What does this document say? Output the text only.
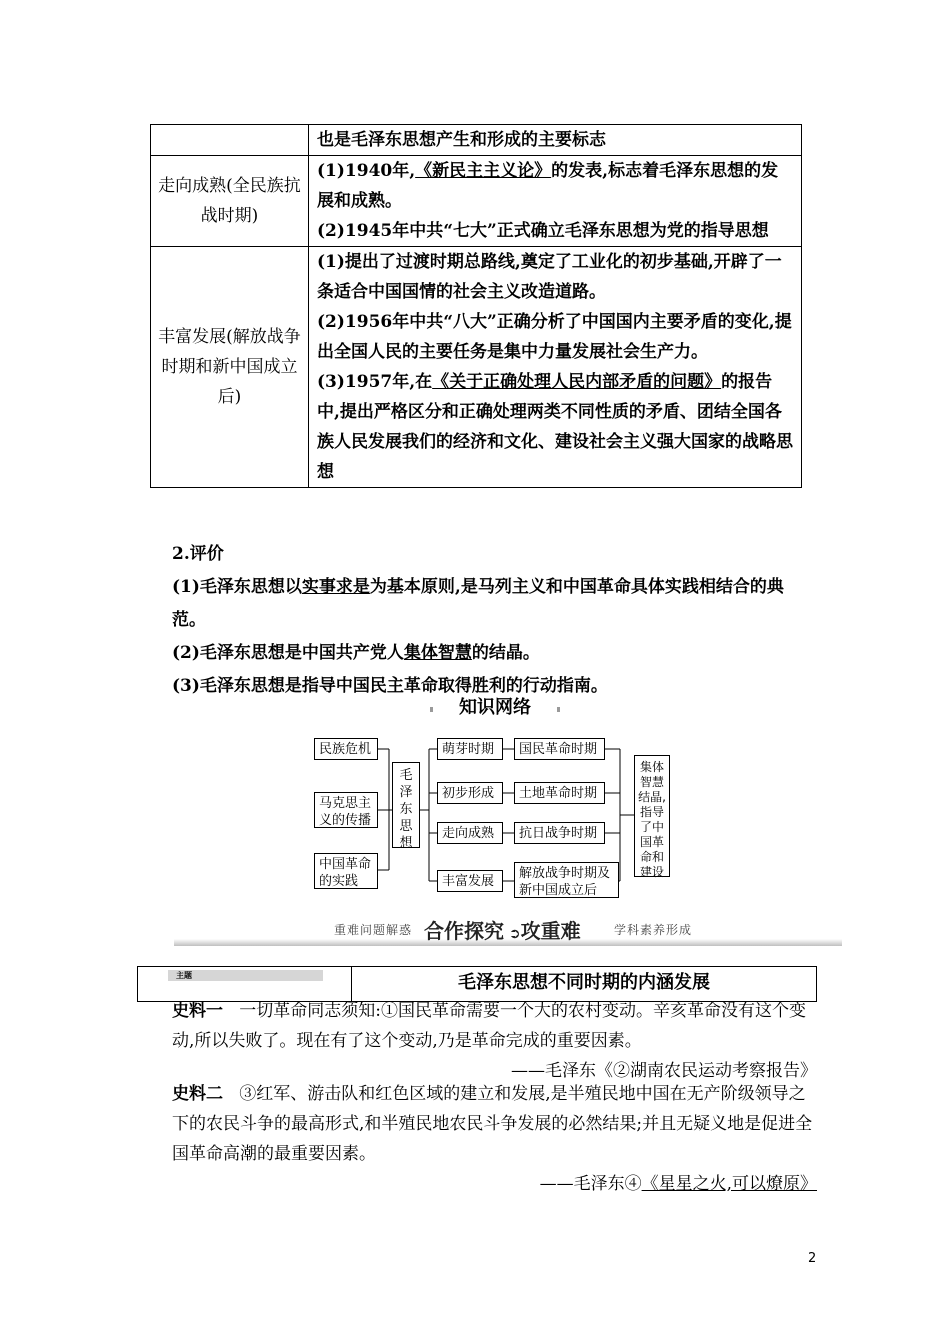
	也是毛泽东思想产生和形成的主要标志
走向成熟(全民族抗战时期)	(1)1940年,《新民主主义论》的发表,标志着毛泽东思想的发展和成熟。
(2)1945年中共“七大”正式确立毛泽东思想为党的指导思想

丰富发展(解放战争时期和新中国成立后)	(1)提出了过渡时期总路线,奠定了工业化的初步基础,开辟了一条适合中国国情的社会主义改造道路。
(2)1956年中共“八大”正确分析了中国国内主要矛盾的变化,提出全国人民的主要任务是集中力量发展社会生产力。
(3)1957年,在《关于正确处理人民内部矛盾的问题》的报告中,提出严格区分和正确处理两类不同性质的矛盾、团结全国各族人民发展我们的经济和文化、建设社会主义强大国家的战略思想
2.评价
(1)毛泽东思想以实事求是为基本原则,是马列主义和中国革命具体实践相结合的典范。
(2)毛泽东思想是中国共产党人集体智慧的结晶。
(3)毛泽东思想是指导中国民主革命取得胜利的行动指南。
知识网络
民族危机
马克思主义的传播
中国革命的实践
毛泽东思想
萌芽时期
初步形成
走向成熟
丰富发展
国民革命时期
土地革命时期
抗日战争时期
解放战争时期及新中国成立后
集体智慧结晶,指导了中国革命和建设
重难问题解惑 合作探究 ➲攻重难	学科素养形成
主题	毛泽东思想不同时期的内涵发展
史料一 一切革命同志须知:①国民革命需要一个大的农村变动。辛亥革命没有这个变动,所以失败了。现在有了这个变动,乃是革命完成的重要因素。
——毛泽东《②湖南农民运动考察报告》
史料二 ③红军、游击队和红色区域的建立和发展,是半殖民地中国在无产阶级领导之下的农民斗争的最高形式,和半殖民地农民斗争发展的必然结果;并且无疑义地是促进全国革命高潮的最重要因素。
——毛泽东④《星星之火,可以燎原》
2
